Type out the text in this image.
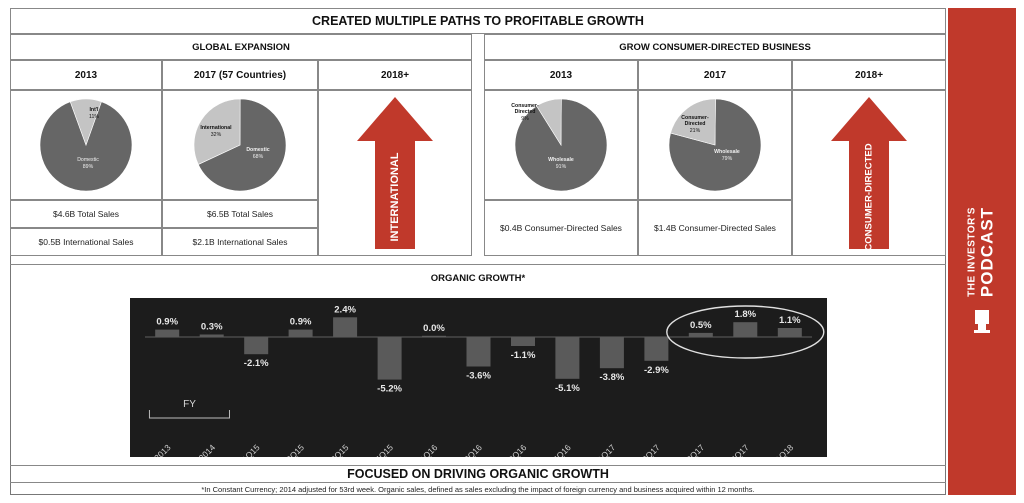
CREATED MULTIPLE PATHS TO PROFITABLE GROWTH
GLOBAL EXPANSION
2013	2017 (57 Countries)	2018+
Domestic
89%
Int'l
11%
Domestic
68%
International
32%
INTERNATIONAL
$4.6B Total Sales	$6.5B Total Sales
$0.5B International Sales	$2.1B International Sales
GROW CONSUMER-DIRECTED BUSINESS
2013	2017	2018+
Wholesale
91%
Consumer-
Directed
9%
Wholesale
79%
Consumer-
Directed
21%
CONSUMER-DIRECTED
$0.4B Consumer-Directed Sales	$1.4B Consumer-Directed Sales
ORGANIC GROWTH*
0.9%
2013
0.3%
2014
-2.1%
1Q15
0.9%
2Q15
2.4%
3Q15
-5.2%
4Q15
0.0%
1Q16
-3.6%
2Q16
-1.1%
3Q16
-5.1%
4Q16
-3.8%
1Q17
-2.9%
2Q17
0.5%
3Q17
1.8%
4Q17
1.1%
1Q18
FY
FOCUSED ON DRIVING ORGANIC GROWTH
*In Constant Currency; 2014 adjusted for 53rd week. Organic sales, defined as sales excluding the impact of foreign currency and business acquired within 12 months.
THE INVESTOR'S PODCAST
